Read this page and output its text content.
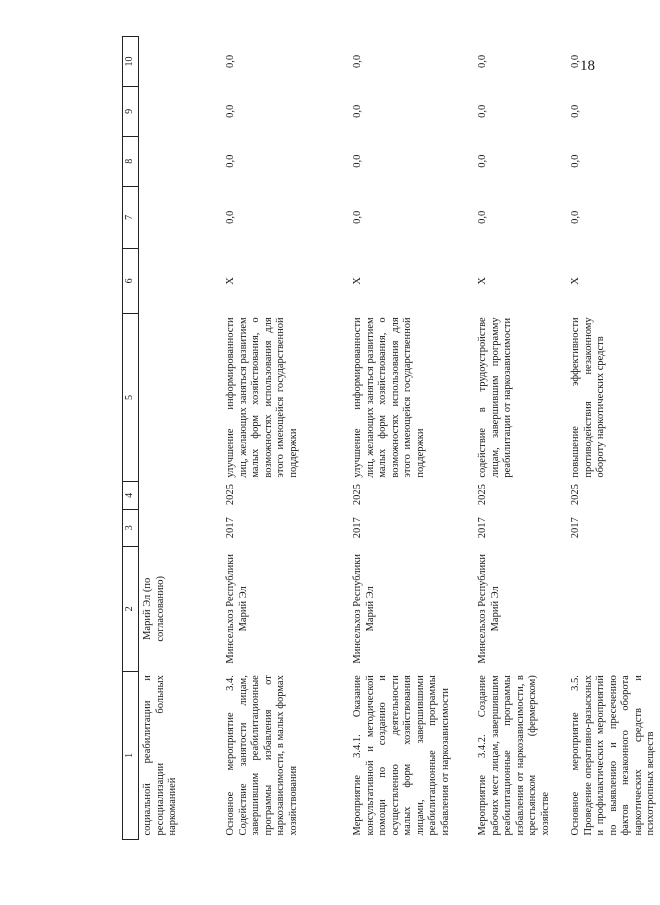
18
1	2	3	4	5	6	7	8	9	10
социальной реабилитации и ресоциализации больных наркоманией	Марий Эл (по согласованию)								
Основное мероприятие 3.4. Содействие занятости лицам, завершившим реабилитационные программы избавления от наркозависимости, в малых формах хозяйствования	Минсельхоз Республики Марий Эл	2017	2025	улучшение информированности лиц, желающих заняться развитием малых форм хозяйствования, о возможностях использования для этого имеющейся государственной поддержки	Х	0,0	0,0	0,0	0,0
Мероприятие 3.4.1. Оказание консультативной и методической помощи по созданию и осуществлению деятельности малых форм хозяйствования лицами, завершившими реабилитационные программы избавления от наркозависимости	Минсельхоз Республики Марий Эл	2017	2025	улучшение информированности лиц, желающих заняться развитием малых форм хозяйствования, о возможностях использования для этого имеющейся государственной поддержки	Х	0,0	0,0	0,0	0,0
Мероприятие 3.4.2. Создание рабочих мест лицам, завершившим реабилитационные программы избавления от наркозависимости, в крестьянском (фермерском) хозяйстве	Минсельхоз Республики Марий Эл	2017	2025	содействие в трудоустройстве лицам, завершившим программу реабилитации от наркозависимости	Х	0,0	0,0	0,0	0,0
Основное мероприятие 3.5. Проведение оперативно-разыскных и профилактических мероприятий по выявлению и пресечению фактов незаконного оборота наркотических средств и психотропных веществ		2017	2025	повышение эффективности противодействия незаконному обороту наркотических средств	Х	0,0	0,0	0,0	0,0
